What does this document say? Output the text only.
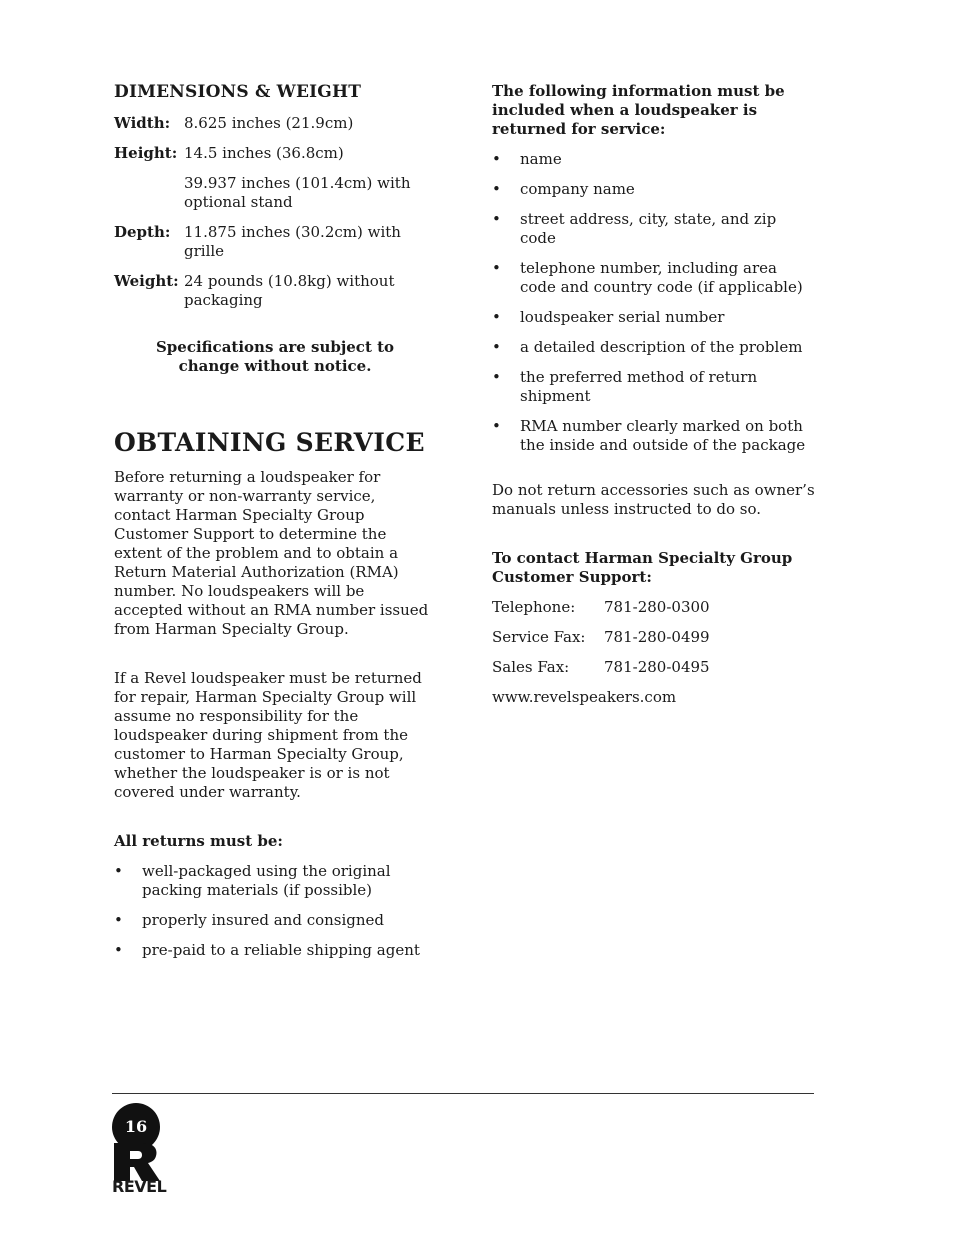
DIMENSIONS & WEIGHT
Width: 8.625 inches (21.9cm)
Height: 14.5 inches (36.8cm)
39.937 inches (101.4cm) with optional stand
Depth: 11.875 inches (30.2cm) with grille
Weight: 24 pounds (10.8kg) without packaging

Specifications are subject to change without notice.

OBTAINING SERVICE

Before returning a loudspeaker for warranty or non-warranty service, contact Harman Specialty Group Customer Support to determine the extent of the problem and to obtain a Return Material Authorization (RMA) number. No loudspeakers will be accepted without an RMA number issued from Harman Specialty Group.

If a Revel loudspeaker must be returned for repair, Harman Specialty Group will assume no responsibility for the loudspeaker during shipment from the customer to Harman Specialty Group, whether the loudspeaker is or is not covered under warranty.

All returns must be:
• well-packaged using the original packing materials (if possible)
• properly insured and consigned
• pre-paid to a reliable shipping agent
The following information must be included when a loudspeaker is returned for service:
• name
• company name
• street address, city, state, and zip code
• telephone number, including area code and country code (if applicable)
• loudspeaker serial number
• a detailed description of the problem
• the preferred method of return shipment
• RMA number clearly marked on both the inside and outside of the package

Do not return accessories such as owner’s manuals unless instructed to do so.

To contact Harman Specialty Group Customer Support:
Telephone:	781-280-0300
Service Fax:	781-280-0499
Sales Fax:	781-280-0495
www.revelspeakers.com
16
REVEL
